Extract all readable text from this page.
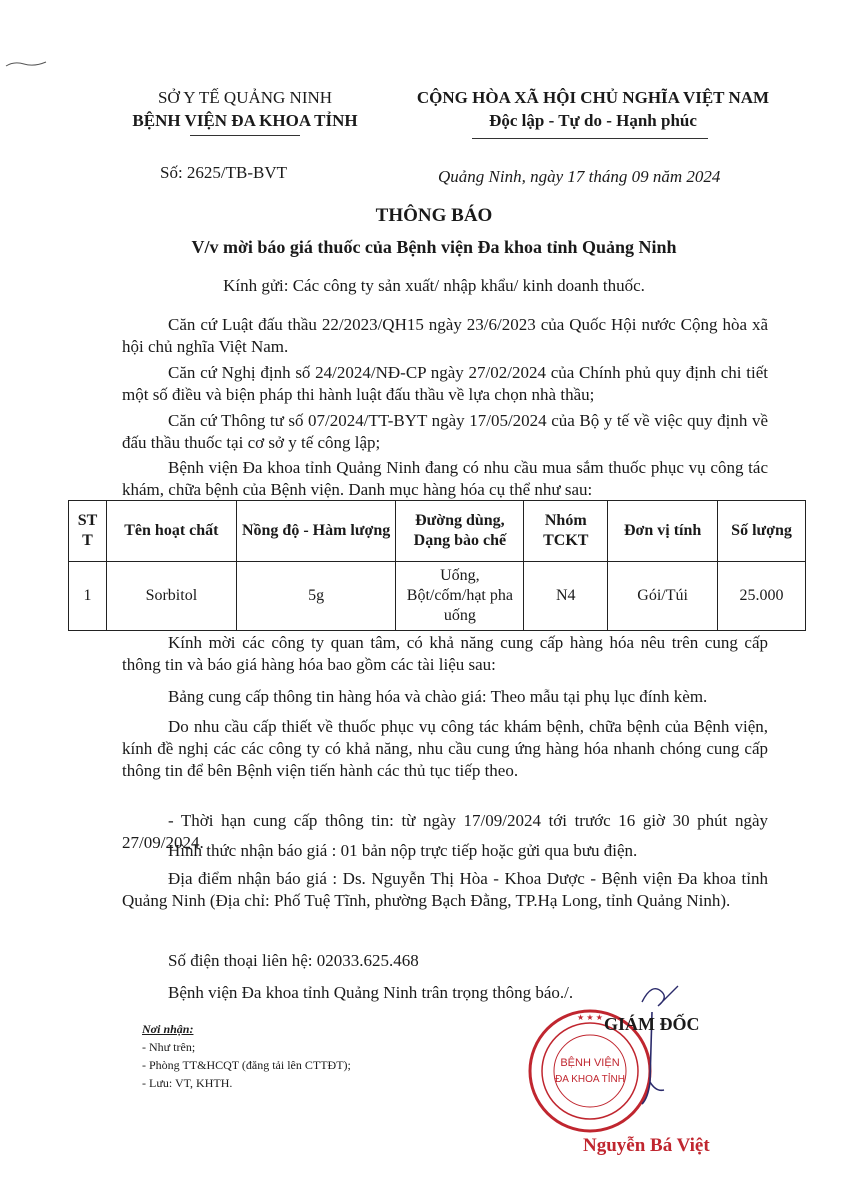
SỞ Y TẾ QUẢNG NINH
BỆNH VIỆN ĐA KHOA TỈNH
CỘNG HÒA XÃ HỘI CHỦ NGHĨA VIỆT NAM
Độc lập - Tự do - Hạnh phúc
Số: 2625/TB-BVT	Quảng Ninh, ngày 17 tháng 09 năm 2024
THÔNG BÁO
V/v mời báo giá thuốc của Bệnh viện Đa khoa tỉnh Quảng Ninh
Kính gửi: Các công ty sản xuất/ nhập khẩu/ kinh doanh thuốc.
Căn cứ Luật đấu thầu 22/2023/QH15 ngày 23/6/2023 của Quốc Hội nước Cộng hòa xã hội chủ nghĩa Việt Nam.
Căn cứ Nghị định số 24/2024/NĐ-CP ngày 27/02/2024 của Chính phủ quy định chi tiết một số điều và biện pháp thi hành luật đấu thầu về lựa chọn nhà thầu;
Căn cứ Thông tư số 07/2024/TT-BYT ngày 17/05/2024 của Bộ y tế về việc quy định về đấu thầu thuốc tại cơ sở y tế công lập;
Bệnh viện Đa khoa tỉnh Quảng Ninh đang có nhu cầu mua sắm thuốc phục vụ công tác khám, chữa bệnh của Bệnh viện. Danh mục hàng hóa cụ thể như sau:
ST T	Tên hoạt chất	Nồng độ - Hàm lượng	Đường dùng, Dạng bào chế	Nhóm TCKT	Đơn vị tính	Số lượng
1	Sorbitol	5g	Uống, Bột/cốm/hạt pha uống	N4	Gói/Túi	25.000
Kính mời các công ty quan tâm, có khả năng cung cấp hàng hóa nêu trên cung cấp thông tin và báo giá hàng hóa bao gồm các tài liệu sau:
Bảng cung cấp thông tin hàng hóa và chào giá: Theo mẫu tại phụ lục đính kèm.
Do nhu cầu cấp thiết về thuốc phục vụ công tác khám bệnh, chữa bệnh của Bệnh viện, kính đề nghị các các công ty có khả năng, nhu cầu cung ứng hàng hóa nhanh chóng cung cấp thông tin để bên Bệnh viện tiến hành các thủ tục tiếp theo.
- Thời hạn cung cấp thông tin: từ ngày 17/09/2024 tới trước 16 giờ 30 phút ngày 27/09/2024.
Hình thức nhận báo giá : 01 bản nộp trực tiếp hoặc gửi qua bưu điện.
Địa điểm nhận báo giá : Ds. Nguyễn Thị Hòa - Khoa Dược - Bệnh viện Đa khoa tỉnh Quảng Ninh (Địa chỉ: Phố Tuệ Tĩnh, phường Bạch Đằng, TP.Hạ Long, tỉnh Quảng Ninh).
Số điện thoại liên hệ: 02033.625.468
Bệnh viện Đa khoa tỉnh Quảng Ninh trân trọng thông báo./.
Nơi nhận:
- Như trên;
- Phòng TT&HCQT (đăng tải lên CTTĐT);
- Lưu: VT, KHTH.
BỆNH VIỆN
ĐA KHOA TỈNH
★ ★ ★ GIÁM ĐỐC
Nguyễn Bá Việt
